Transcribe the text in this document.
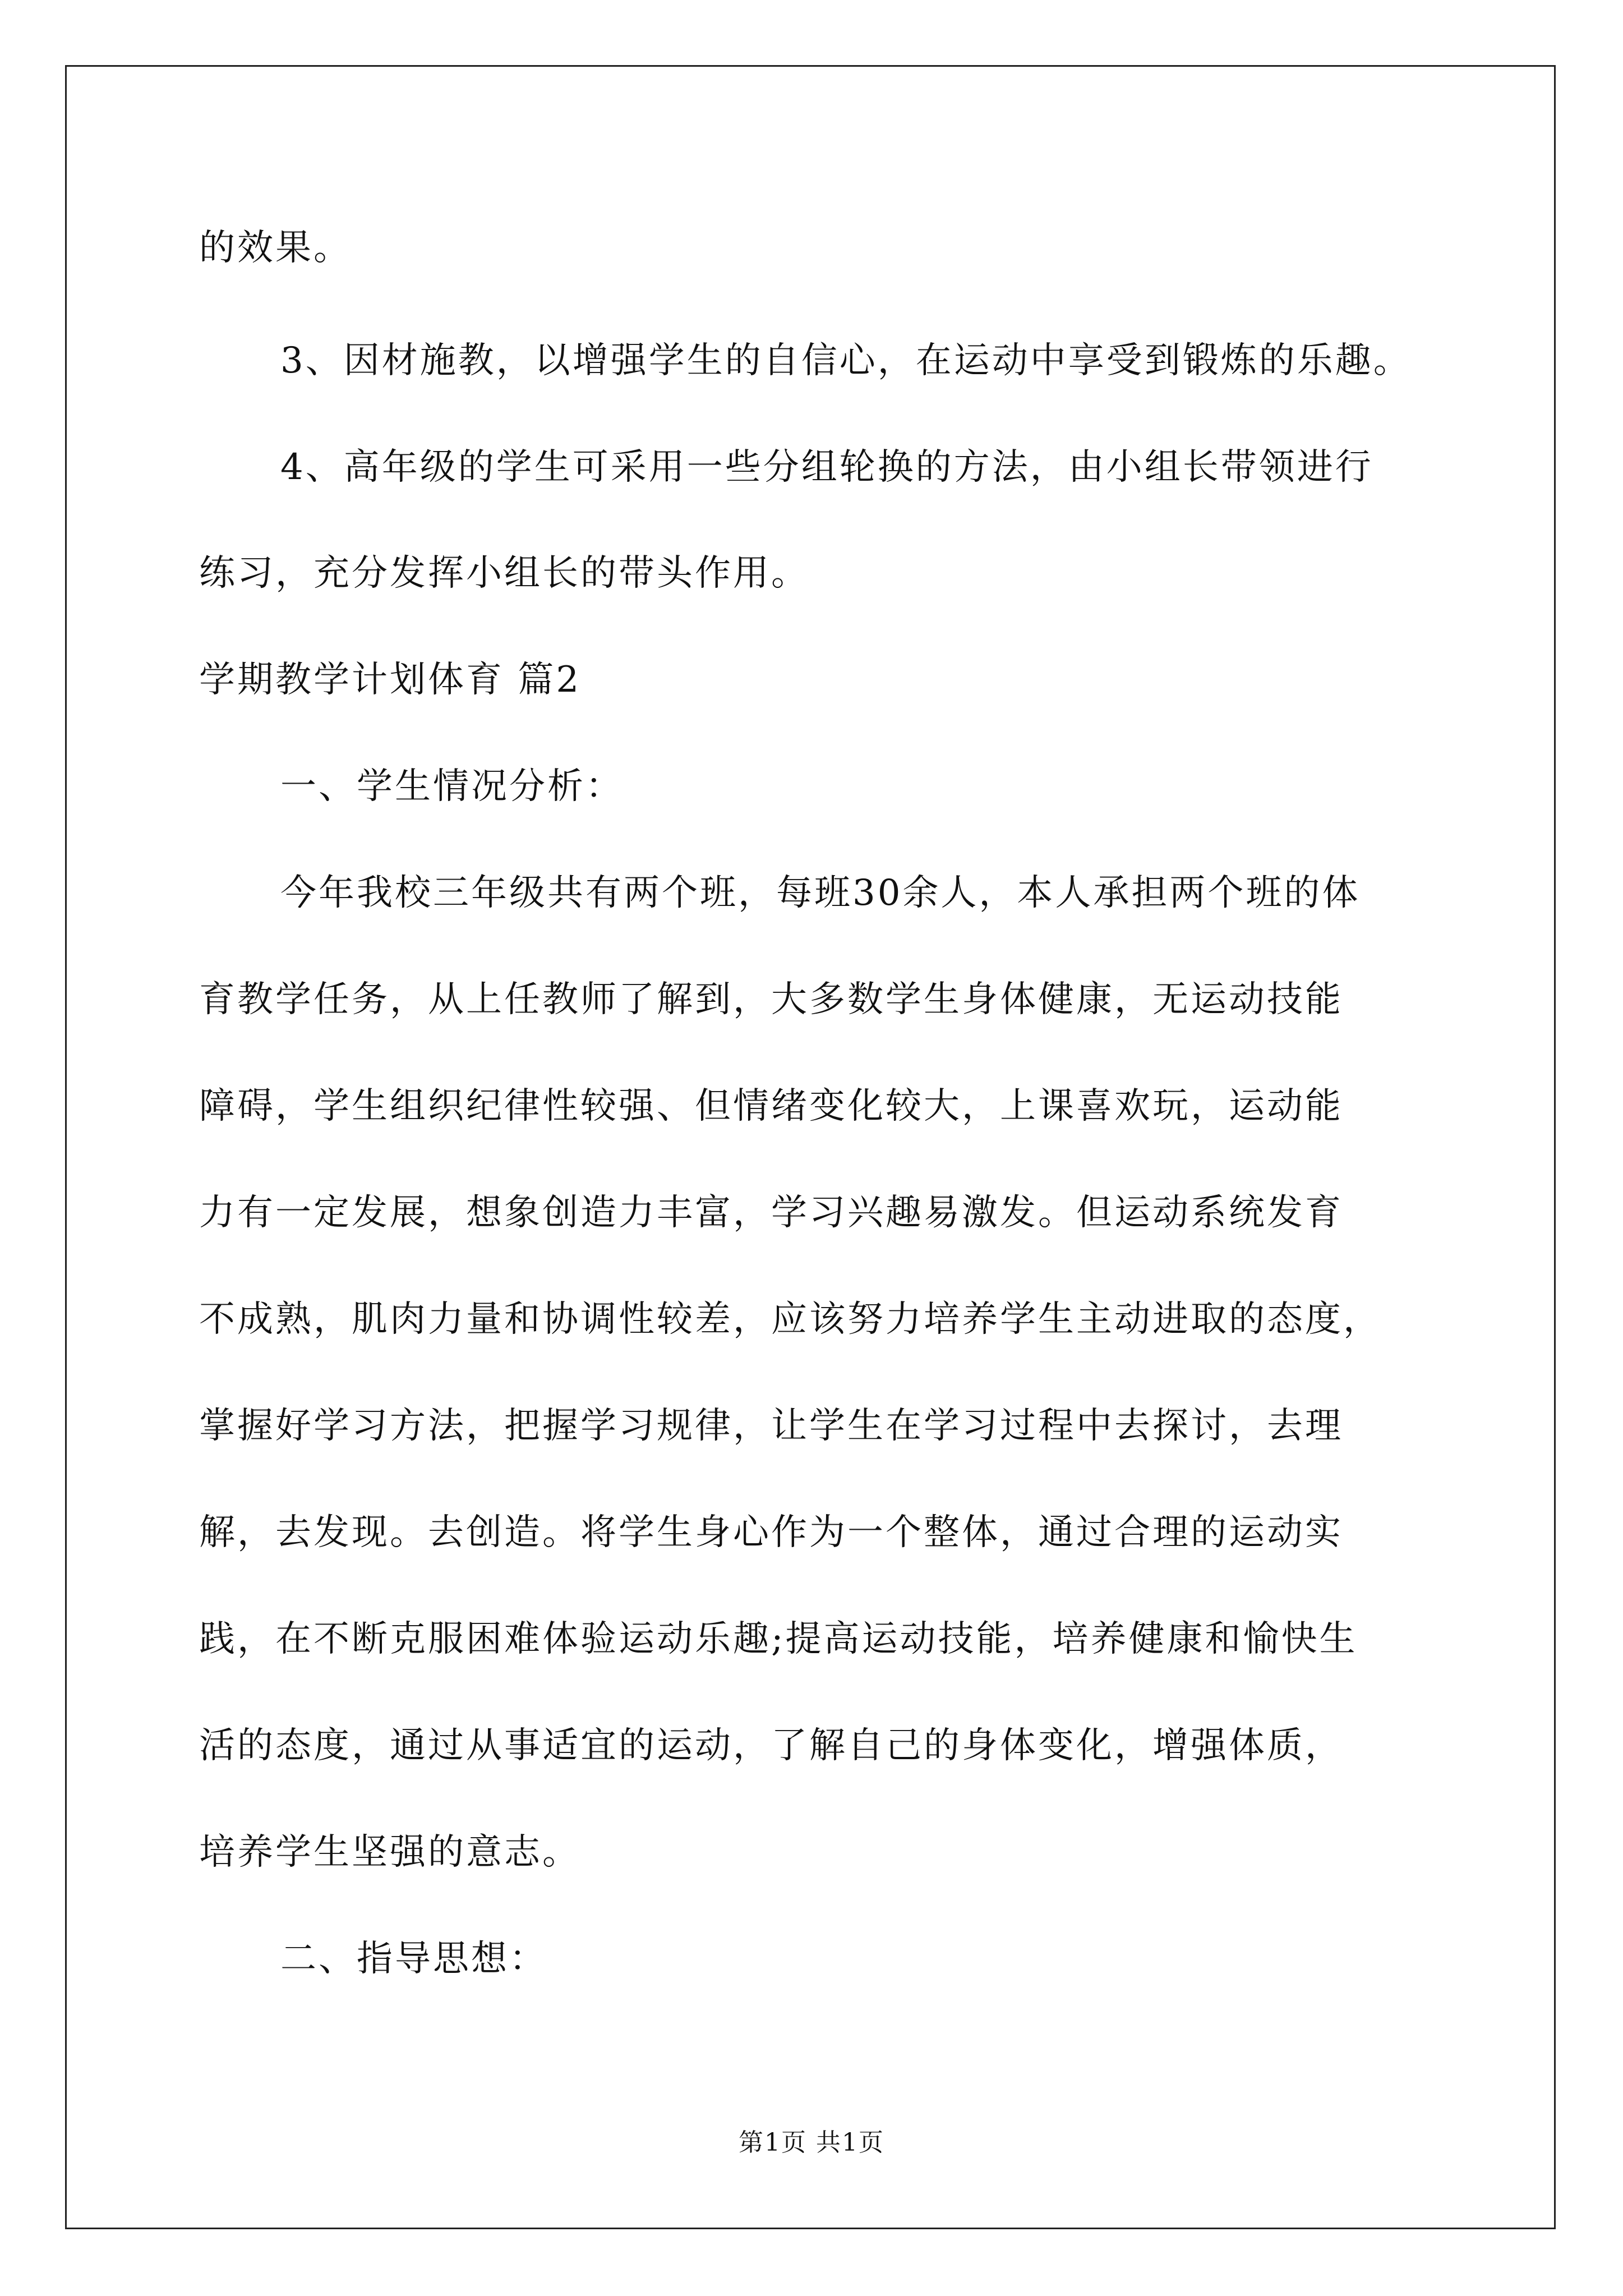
的效果。
3、因材施教，以增强学生的自信心，在运动中享受到锻炼的乐趣。
4、高年级的学生可采用一些分组轮换的方法，由小组长带领进行
练习，充分发挥小组长的带头作用。
学期教学计划体育 篇2
一、学生情况分析：
今年我校三年级共有两个班，每班30余人，本人承担两个班的体
育教学任务，从上任教师了解到，大多数学生身体健康，无运动技能
障碍，学生组织纪律性较强、但情绪变化较大，上课喜欢玩，运动能
力有一定发展，想象创造力丰富，学习兴趣易激发。但运动系统发育
不成熟，肌肉力量和协调性较差，应该努力培养学生主动进取的态度，
掌握好学习方法，把握学习规律，让学生在学习过程中去探讨，去理
解，去发现。去创造。将学生身心作为一个整体，通过合理的运动实
践，在不断克服困难体验运动乐趣;提高运动技能，培养健康和愉快生
活的态度，通过从事适宜的运动，了解自己的身体变化，增强体质，
培养学生坚强的意志。
二、指导思想：
第1页 共1页
